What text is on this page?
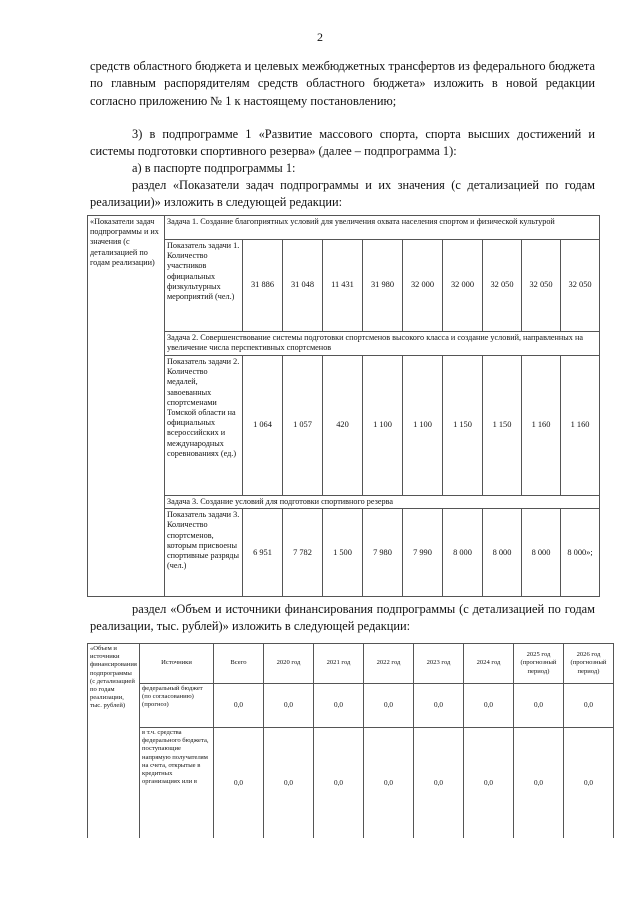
2

средств областного бюджета и целевых межбюджетных трансфертов из федерального бюджета по главным распорядителям средств областного бюджета» изложить в новой редакции согласно приложению № 1 к настоящему постановлению;

3) в подпрограмме 1 «Развитие массового спорта, спорта высших достижений и системы подготовки спортивного резерва» (далее – подпрограмма 1):

а) в паспорте подпрограммы 1:

раздел «Показатели задач подпрограммы и их значения (с детализацией по годам реализации)» изложить в следующей редакции:

«Показатели задач подпрограммы и их значения (с детализацией по годам реализации)	Задача 1. Создание благоприятных условий для увеличения охвата населения спортом и физической культурой									
	Показатель задачи 1. Количество участников официальных физкультурных мероприятий (чел.)	31 886	31 048	11 431	31 980	32 000	32 000	32 050	32 050	32 050
	Задача 2. Совершенствование системы подготовки спортсменов высокого класса и создание условий, направленных на увеличение числа перспективных спортсменов									
	Показатель задачи 2. Количество медалей, завоеванных спортсменами Томской области на официальных всероссийских и международных соревнованиях (ед.)	1 064	1 057	420	1 100	1 100	1 150	1 150	1 160	1 160
	Задача 3. Создание условий для подготовки спортивного резерва									
	Показатель задачи 3. Количество спортсменов, которым присвоены спортивные разряды (чел.)	6 951	7 782	1 500	7 980	7 990	8 000	8 000	8 000	8 000»;

раздел «Объем и источники финансирования подпрограммы (с детализацией по годам реализации, тыс. рублей)» изложить в следующей редакции:

«Объем и источники финансирования подпрограммы (с детализацией по годам реализации, тыс. рублей)	Источники	Всего	2020 год	2021 год	2022 год	2023 год	2024 год	2025 год (прогнозный период)	2026 год (прогнозный период)
	федеральный бюджет (по согласованию) (прогноз)	0,0	0,0	0,0	0,0	0,0	0,0	0,0	0,0
	в т.ч. средства федерального бюджета, поступающие напрямую получателям на счета, открытые в кредитных организациях или в	0,0	0,0	0,0	0,0	0,0	0,0	0,0	0,0
